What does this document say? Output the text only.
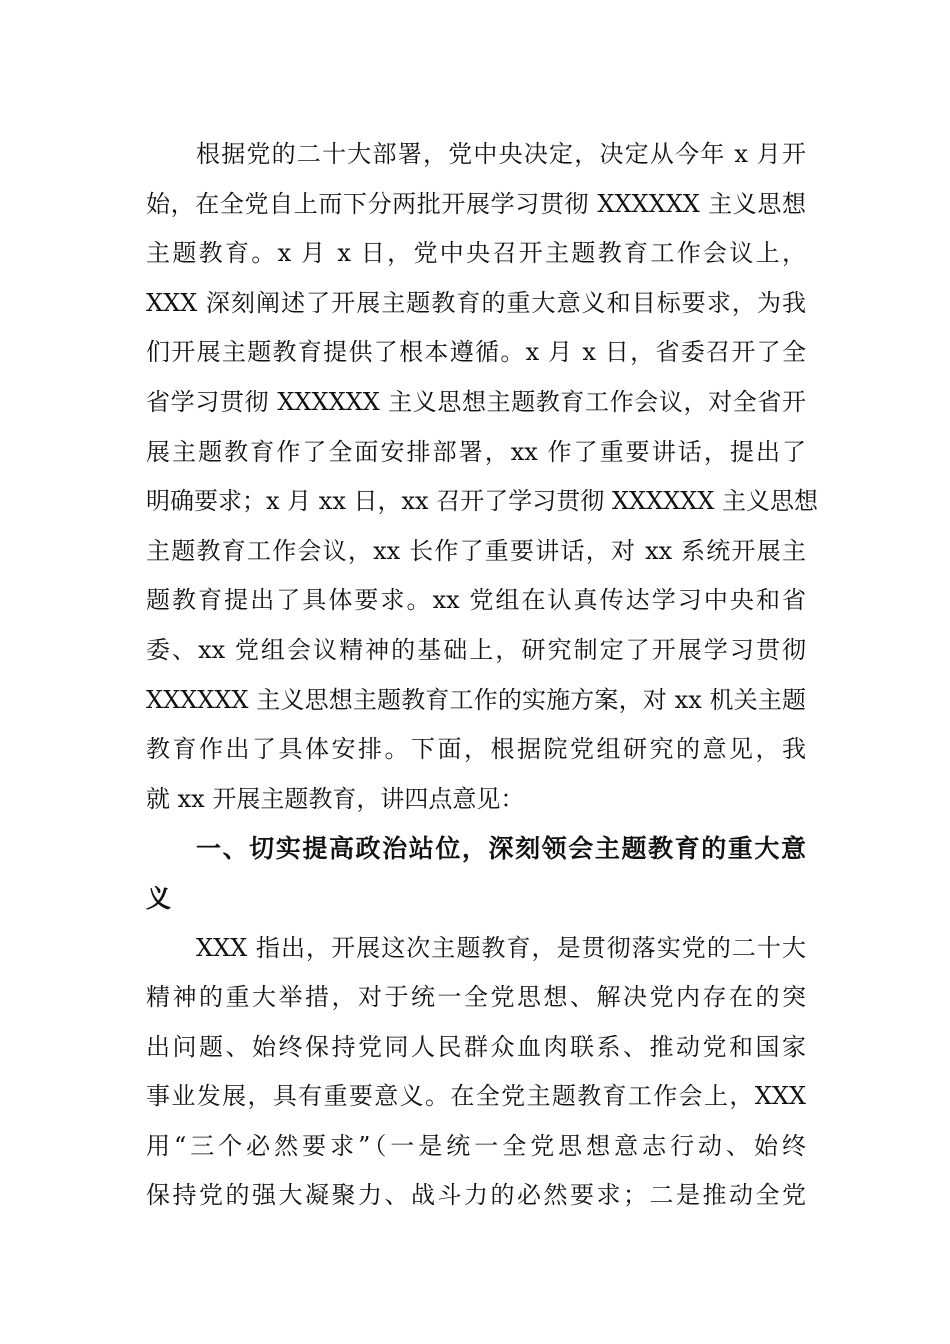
根据党的二十大部署，党中央决定，决定从今年 x 月开
始，在全党自上而下分两批开展学习贯彻 XXXXXX 主义思想
主题教育。x 月 x 日，党中央召开主题教育工作会议上，
XXX 深刻阐述了开展主题教育的重大意义和目标要求，为我
们开展主题教育提供了根本遵循。x 月 x 日，省委召开了全
省学习贯彻 XXXXXX 主义思想主题教育工作会议，对全省开
展主题教育作了全面安排部署，xx 作了重要讲话，提出了
明确要求；x 月 xx 日，xx 召开了学习贯彻 XXXXXX 主义思想
主题教育工作会议，xx 长作了重要讲话，对 xx 系统开展主
题教育提出了具体要求。xx 党组在认真传达学习中央和省
委、xx 党组会议精神的基础上，研究制定了开展学习贯彻
XXXXXX 主义思想主题教育工作的实施方案，对 xx 机关主题
教育作出了具体安排。下面，根据院党组研究的意见，我
就 xx 开展主题教育，讲四点意见：
一、切实提高政治站位，深刻领会主题教育的重大意
义
XXX 指出，开展这次主题教育，是贯彻落实党的二十大
精神的重大举措，对于统一全党思想、解决党内存在的突
出问题、始终保持党同人民群众血肉联系、推动党和国家
事业发展，具有重要意义。在全党主题教育工作会上，XXX
用“三个必然要求”（一是统一全党思想意志行动、始终
保持党的强大凝聚力、战斗力的必然要求；二是推动全党
